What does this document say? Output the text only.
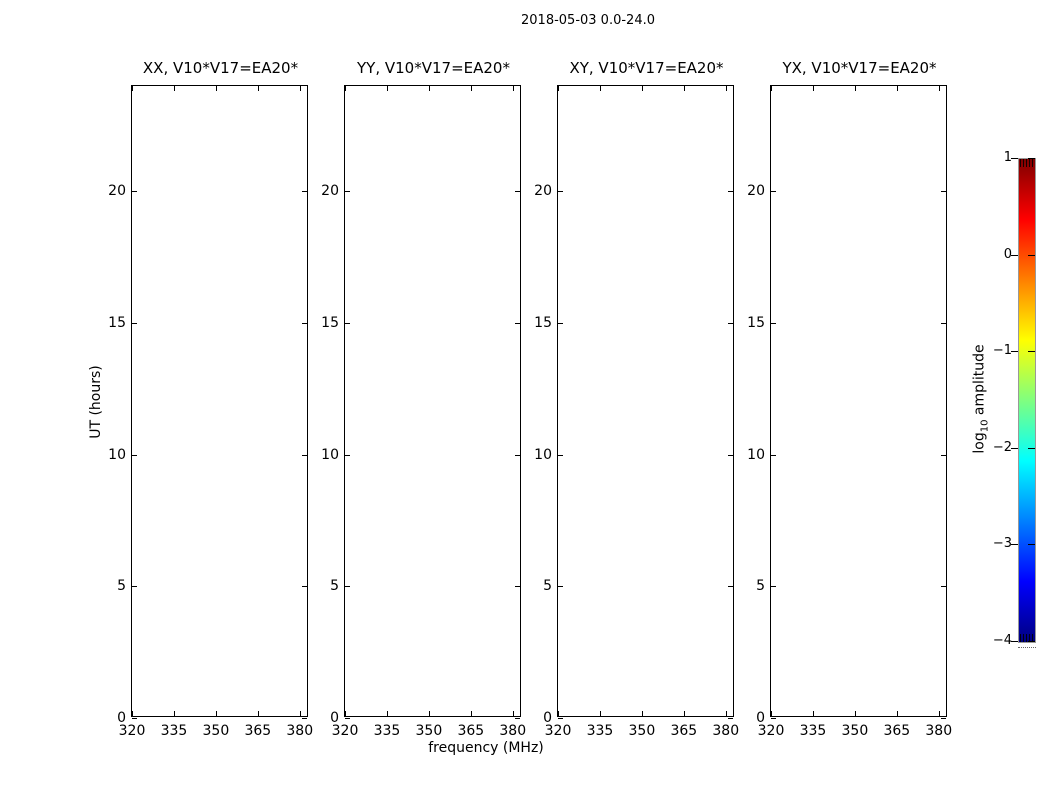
2018-05-03 0.0-24.0
XX, V10*V17=EA20*
320	335	350	365	380
0
5
10
15
20
YY, V10*V17=EA20*
320	335	350	365	380
0
5
10
15
20
XY, V10*V17=EA20*
320	335	350	365	380
0
5
10
15
20
YX, V10*V17=EA20*
320	335	350	365	380
0
5
10
15
20
frequency (MHz)
UT (hours)
1
0
−1
−2
−3
−4
$\log_{10}$ amplitude
